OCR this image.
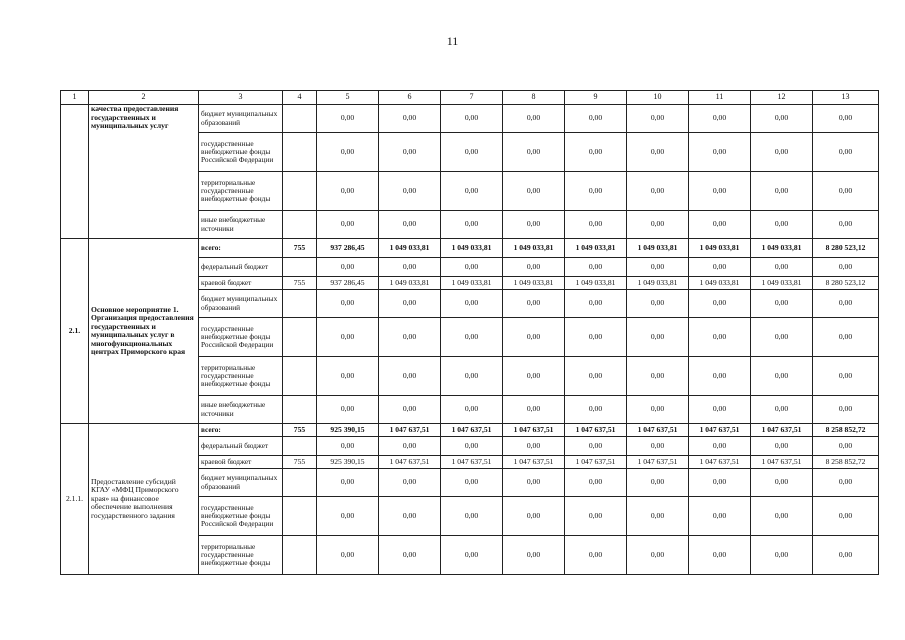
11
1	2	3	4	5	6	7	8	9	10	11	12	13
	качества предоставления государственных и муниципальных услуг	бюджет муниципальных образований		0,00	0,00	0,00	0,00	0,00	0,00	0,00	0,00	0,00
		государственные внебюджетные фонды Российской Федерации		0,00	0,00	0,00	0,00	0,00	0,00	0,00	0,00	0,00
		территориальные государственные внебюджетные фонды		0,00	0,00	0,00	0,00	0,00	0,00	0,00	0,00	0,00
		иные внебюджетные источники		0,00	0,00	0,00	0,00	0,00	0,00	0,00	0,00	0,00
2.1.	Основное мероприятие 1. Организация предоставления государственных и муниципальных услуг в многофункциональных центрах Приморского края	всего:	755	937 286,45	1 049 033,81	1 049 033,81	1 049 033,81	1 049 033,81	1 049 033,81	1 049 033,81	1 049 033,81	8 280 523,12
		федеральный бюджет		0,00	0,00	0,00	0,00	0,00	0,00	0,00	0,00	0,00
		краевой бюджет	755	937 286,45	1 049 033,81	1 049 033,81	1 049 033,81	1 049 033,81	1 049 033,81	1 049 033,81	1 049 033,81	8 280 523,12
		бюджет муниципальных образований		0,00	0,00	0,00	0,00	0,00	0,00	0,00	0,00	0,00
		государственные внебюджетные фонды Российской Федерации		0,00	0,00	0,00	0,00	0,00	0,00	0,00	0,00	0,00
		территориальные государственные внебюджетные фонды		0,00	0,00	0,00	0,00	0,00	0,00	0,00	0,00	0,00
		иные внебюджетные источники		0,00	0,00	0,00	0,00	0,00	0,00	0,00	0,00	0,00
2.1.1.	Предоставление субсидий КГАУ «МФЦ Приморского края» на финансовое обеспечение выполнения государственного задания	всего:	755	925 390,15	1 047 637,51	1 047 637,51	1 047 637,51	1 047 637,51	1 047 637,51	1 047 637,51	1 047 637,51	8 258 852,72
		федеральный бюджет		0,00	0,00	0,00	0,00	0,00	0,00	0,00	0,00	0,00
		краевой бюджет	755	925 390,15	1 047 637,51	1 047 637,51	1 047 637,51	1 047 637,51	1 047 637,51	1 047 637,51	1 047 637,51	8 258 852,72
		бюджет муниципальных образований		0,00	0,00	0,00	0,00	0,00	0,00	0,00	0,00	0,00
		государственные внебюджетные фонды Российской Федерации		0,00	0,00	0,00	0,00	0,00	0,00	0,00	0,00	0,00
		территориальные государственные внебюджетные фонды		0,00	0,00	0,00	0,00	0,00	0,00	0,00	0,00	0,00
